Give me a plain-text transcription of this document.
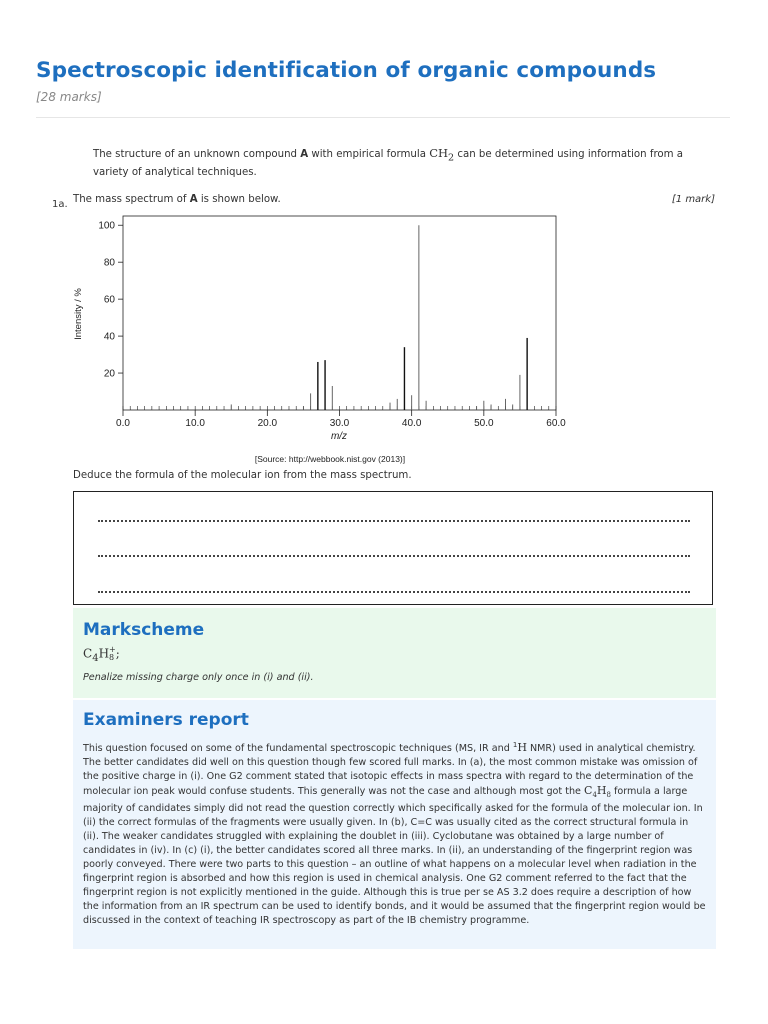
Spectroscopic identification of organic compounds
[28 marks]
The structure of an unknown compound A with empirical formula $CH_2$ can be determined using information from a variety of analytical techniques.
1a. The mass spectrum of A is shown below.	[1 mark]
0.0	10.0	20.0	30.0	40.0	50.0	60.0
20
40
60
80
100
m/z
Intensity / %
[Source: http://webbook.nist.gov (2013)]
Deduce the formula of the molecular ion from the mass spectrum.
Markscheme
$C_4H$ +
8 ;
Penalize missing charge only once in (i) and (ii).
Examiners report
This question focused on some of the fundamental spectroscopic techniques (MS, IR and $^1$H NMR) used in analytical chemistry. The better candidates did well on this question though few scored full marks. In (a), the most common mistake was omission of the positive charge in (i). One G2 comment stated that isotopic effects in mass spectra with regard to the determination of the molecular ion peak would confuse students. This generally was not the case and although most got the $C_4H_8$ formula a large majority of candidates simply did not read the question correctly which specifically asked for the formula of the molecular ion. In (ii) the correct formulas of the fragments were usually given. In (b), C=C was usually cited as the correct structural formula in (ii). The weaker candidates struggled with explaining the doublet in (iii). Cyclobutane was obtained by a large number of candidates in (iv). In (c) (i), the better candidates scored all three marks. In (ii), an understanding of the fingerprint region was poorly conveyed. There were two parts to this question – an outline of what happens on a molecular level when radiation in the fingerprint region is absorbed and how this region is used in chemical analysis. One G2 comment referred to the fact that the fingerprint region is not explicitly mentioned in the guide. Although this is true per se AS 3.2 does require a description of how the information from an IR spectrum can be used to identify bonds, and it would be assumed that the fingerprint region would be discussed in the context of teaching IR spectroscopy as part of the IB chemistry programme.
